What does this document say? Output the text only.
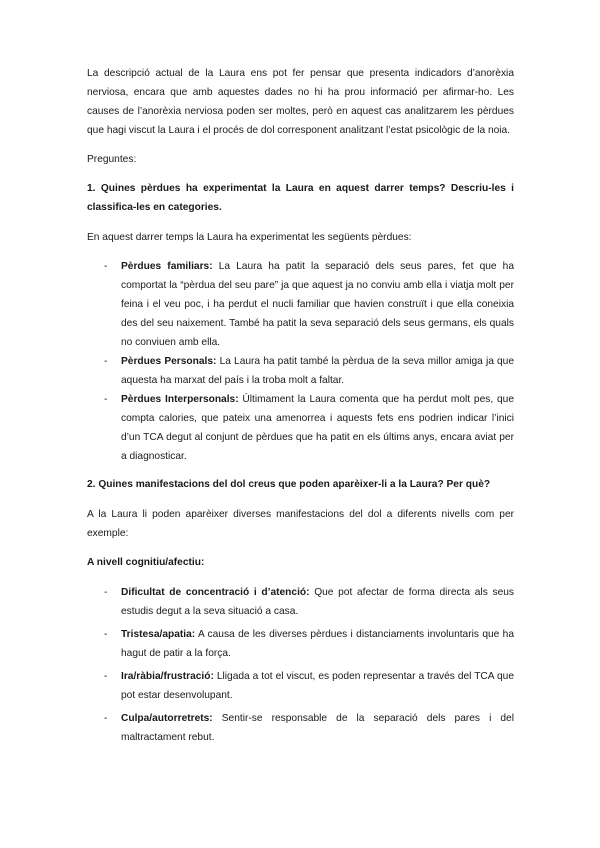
La descripció actual de la Laura ens pot fer pensar que presenta indicadors d’anorèxia nerviosa, encara que amb aquestes dades no hi ha prou informació per afirmar-ho. Les causes de l’anorèxia nerviosa poden ser moltes, però en aquest cas analitzarem les pèrdues que hagi viscut la Laura i el procés de dol corresponent analitzant l’estat psicològic de la noia.

Preguntes:

1. Quines pèrdues ha experimentat la Laura en aquest darrer temps? Descriu-les i classifica-les en categories.

En aquest darrer temps la Laura ha experimentat les següents pèrdues:

- Pèrdues familiars: La Laura ha patit la separació dels seus pares, fet que ha comportat la “pèrdua del seu pare” ja que aquest ja no conviu amb ella i viatja molt per feina i el veu poc, i ha perdut el nucli familiar que havien construït i que ella coneixia des del seu naixement. També ha patit la seva separació dels seus germans, els quals no conviuen amb ella.
- Pèrdues Personals: La Laura ha patit també la pèrdua de la seva millor amiga ja que aquesta ha marxat del país i la troba molt a faltar.
- Pèrdues Interpersonals: Últimament la Laura comenta que ha perdut molt pes, que compta calories, que pateix una amenorrea i aquests fets ens podrien indicar l’inici d’un TCA degut al conjunt de pèrdues que ha patit en els últims anys, encara aviat per a diagnosticar.

2. Quines manifestacions del dol creus que poden aparèixer-li a la Laura? Per què?

A la Laura li poden aparèixer diverses manifestacions del dol a diferents nivells com per exemple:

A nivell cognitiu/afectiu:

- Dificultat de concentració i d’atenció: Que pot afectar de forma directa als seus estudis degut a la seva situació a casa.
- Tristesa/apatia: A causa de les diverses pèrdues i distanciaments involuntaris que ha hagut de patir a la força.
- Ira/ràbia/frustració: Lligada a tot el viscut, es poden representar a través del TCA que pot estar desenvolupant.
- Culpa/autorretrets: Sentir-se responsable de la separació dels pares i del maltractament rebut.
